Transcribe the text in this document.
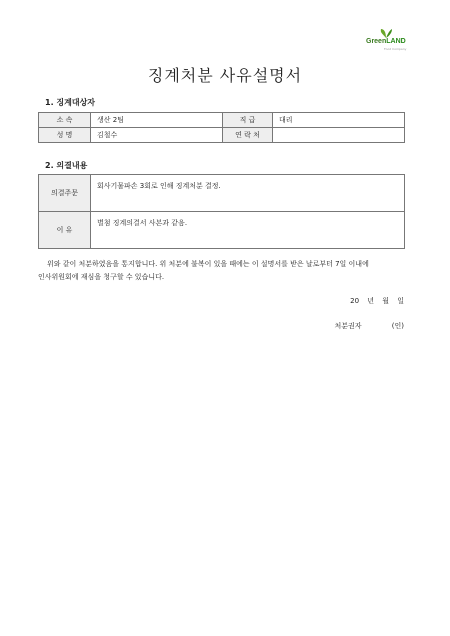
GreenLAND
Food Company
징계처분 사유설명서
1. 징계대상자
소 속	생산 2팀	직 급	대리
성 명	김철수	연 락 처	
2. 의결내용
의결주문	회사기물파손 3회로 인해 징계처분 결정.
이 유	별첨 징계의결서 사본과 같음.
위와 같이 처분하였음을 통지합니다. 위 처분에 불복이 있을 때에는 이 설명서를 받은 날로부터 7일 이내에 인사위원회에 재심을 청구할 수 있습니다.
20 년 월 일
처분권자	(인)
